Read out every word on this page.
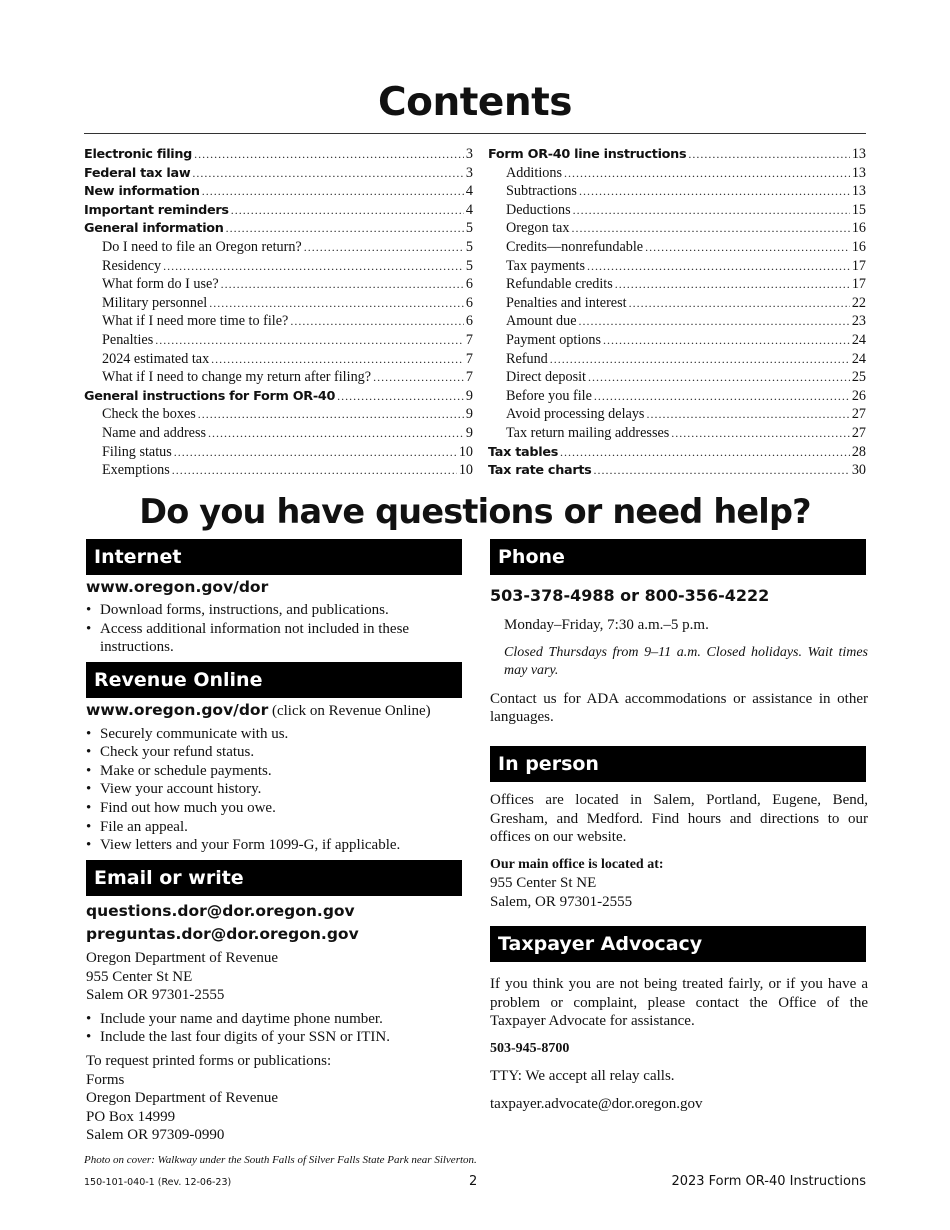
Contents
Electronic filing .....	3
Federal tax law .....	3
New information .....	4
Important reminders .....	4
General information .....	5
Do I need to file an Oregon return? .....	5
Residency .....	5
What form do I use? .....	6
Military personnel .....	6
What if I need more time to file? .....	6
Penalties .....	7
2024 estimated tax .....	7
What if I need to change my return after filing? .....	7
General instructions for Form OR-40 .....	9
Check the boxes .....	9
Name and address .....	9
Filing status .....	10
Exemptions .....	10
Form OR-40 line instructions .....	13
Additions .....	13
Subtractions .....	13
Deductions .....	15
Oregon tax .....	16
Credits—nonrefundable .....	16
Tax payments .....	17
Refundable credits .....	17
Penalties and interest .....	22
Amount due .....	23
Payment options .....	24
Refund .....	24
Direct deposit .....	25
Before you file .....	26
Avoid processing delays .....	27
Tax return mailing addresses .....	27
Tax tables .....	28
Tax rate charts .....	30
Do you have questions or need help?
Internet
www.oregon.gov/dor
• Download forms, instructions, and publications.
• Access additional information not included in these instructions.
Revenue Online
www.oregon.gov/dor (click on Revenue Online)
• Securely communicate with us.
• Check your refund status.
• Make or schedule payments.
• View your account history.
• Find out how much you owe.
• File an appeal.
• View letters and your Form 1099-G, if applicable.
Email or write
questions.dor@dor.oregon.gov
preguntas.dor@dor.oregon.gov
Oregon Department of Revenue
955 Center St NE
Salem OR 97301-2555
• Include your name and daytime phone number.
• Include the last four digits of your SSN or ITIN.
To request printed forms or publications:
Forms
Oregon Department of Revenue
PO Box 14999
Salem OR 97309-0990
Phone
503-378-4988 or 800-356-4222
Monday–Friday, 7:30 a.m.–5 p.m.
Closed Thursdays from 9–11 a.m. Closed holidays. Wait times may vary.
Contact us for ADA accommodations or assistance in other languages.
In person
Offices are located in Salem, Portland, Eugene, Bend, Gresham, and Medford. Find hours and directions to our offices on our website.
Our main office is located at:
955 Center St NE
Salem, OR 97301-2555
Taxpayer Advocacy
If you think you are not being treated fairly, or if you have a problem or complaint, please contact the Office of the Taxpayer Advocate for assistance.
503-945-8700
TTY: We accept all relay calls.
taxpayer.advocate@dor.oregon.gov
Photo on cover: Walkway under the South Falls of Silver Falls State Park near Silverton.
150-101-040-1 (Rev. 12-06-23)	2	2023 Form OR-40 Instructions
